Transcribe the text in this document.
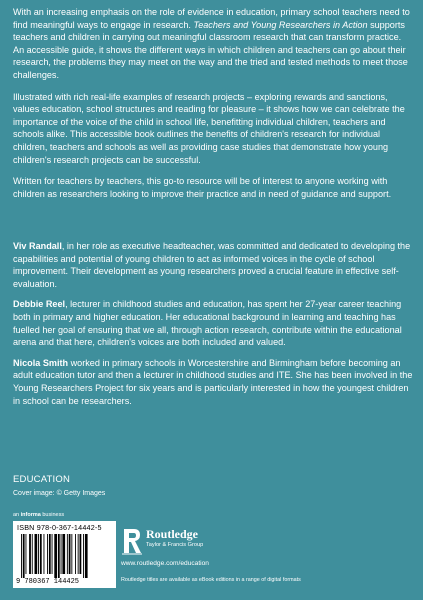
With an increasing emphasis on the role of evidence in education, primary school teachers need to find meaningful ways to engage in research. Teachers and Young Researchers in Action supports teachers and children in carrying out meaningful classroom research that can transform practice. An accessible guide, it shows the different ways in which children and teachers can go about their research, the problems they may meet on the way and the tried and tested methods to meet those challenges.

Illustrated with rich real-life examples of research projects – exploring rewards and sanctions, values education, school structures and reading for pleasure – it shows how we can celebrate the importance of the voice of the child in school life, benefitting individual children, teachers and schools alike. This accessible book outlines the benefits of children's research for individual children, teachers and schools as well as providing case studies that demonstrate how young children's research projects can be successful.

Written for teachers by teachers, this go-to resource will be of interest to anyone working with children as researchers looking to improve their practice and in need of guidance and support.

Viv Randall, in her role as executive headteacher, was committed and dedicated to developing the capabilities and potential of young children to act as informed voices in the cycle of school improvement. Their development as young researchers proved a crucial feature in effective self-evaluation.

Debbie Reel, lecturer in childhood studies and education, has spent her 27-year career teaching both in primary and higher education. Her educational background in learning and teaching has fuelled her goal of ensuring that we all, through action research, contribute within the educational arena and that here, children's voices are both included and valued.

Nicola Smith worked in primary schools in Worcestershire and Birmingham before becoming an adult education tutor and then a lecturer in childhood studies and ITE. She has been involved in the Young Researchers Project for six years and is particularly interested in how the youngest children in school can be researchers.

EDUCATION
Cover image: © Getty Images
an informa business
ISBN 978-0-367-14442-5
9 780367 144425
Routledge
Taylor & Francis Group
www.routledge.com/education
Routledge titles are available as eBook editions in a range of digital formats
